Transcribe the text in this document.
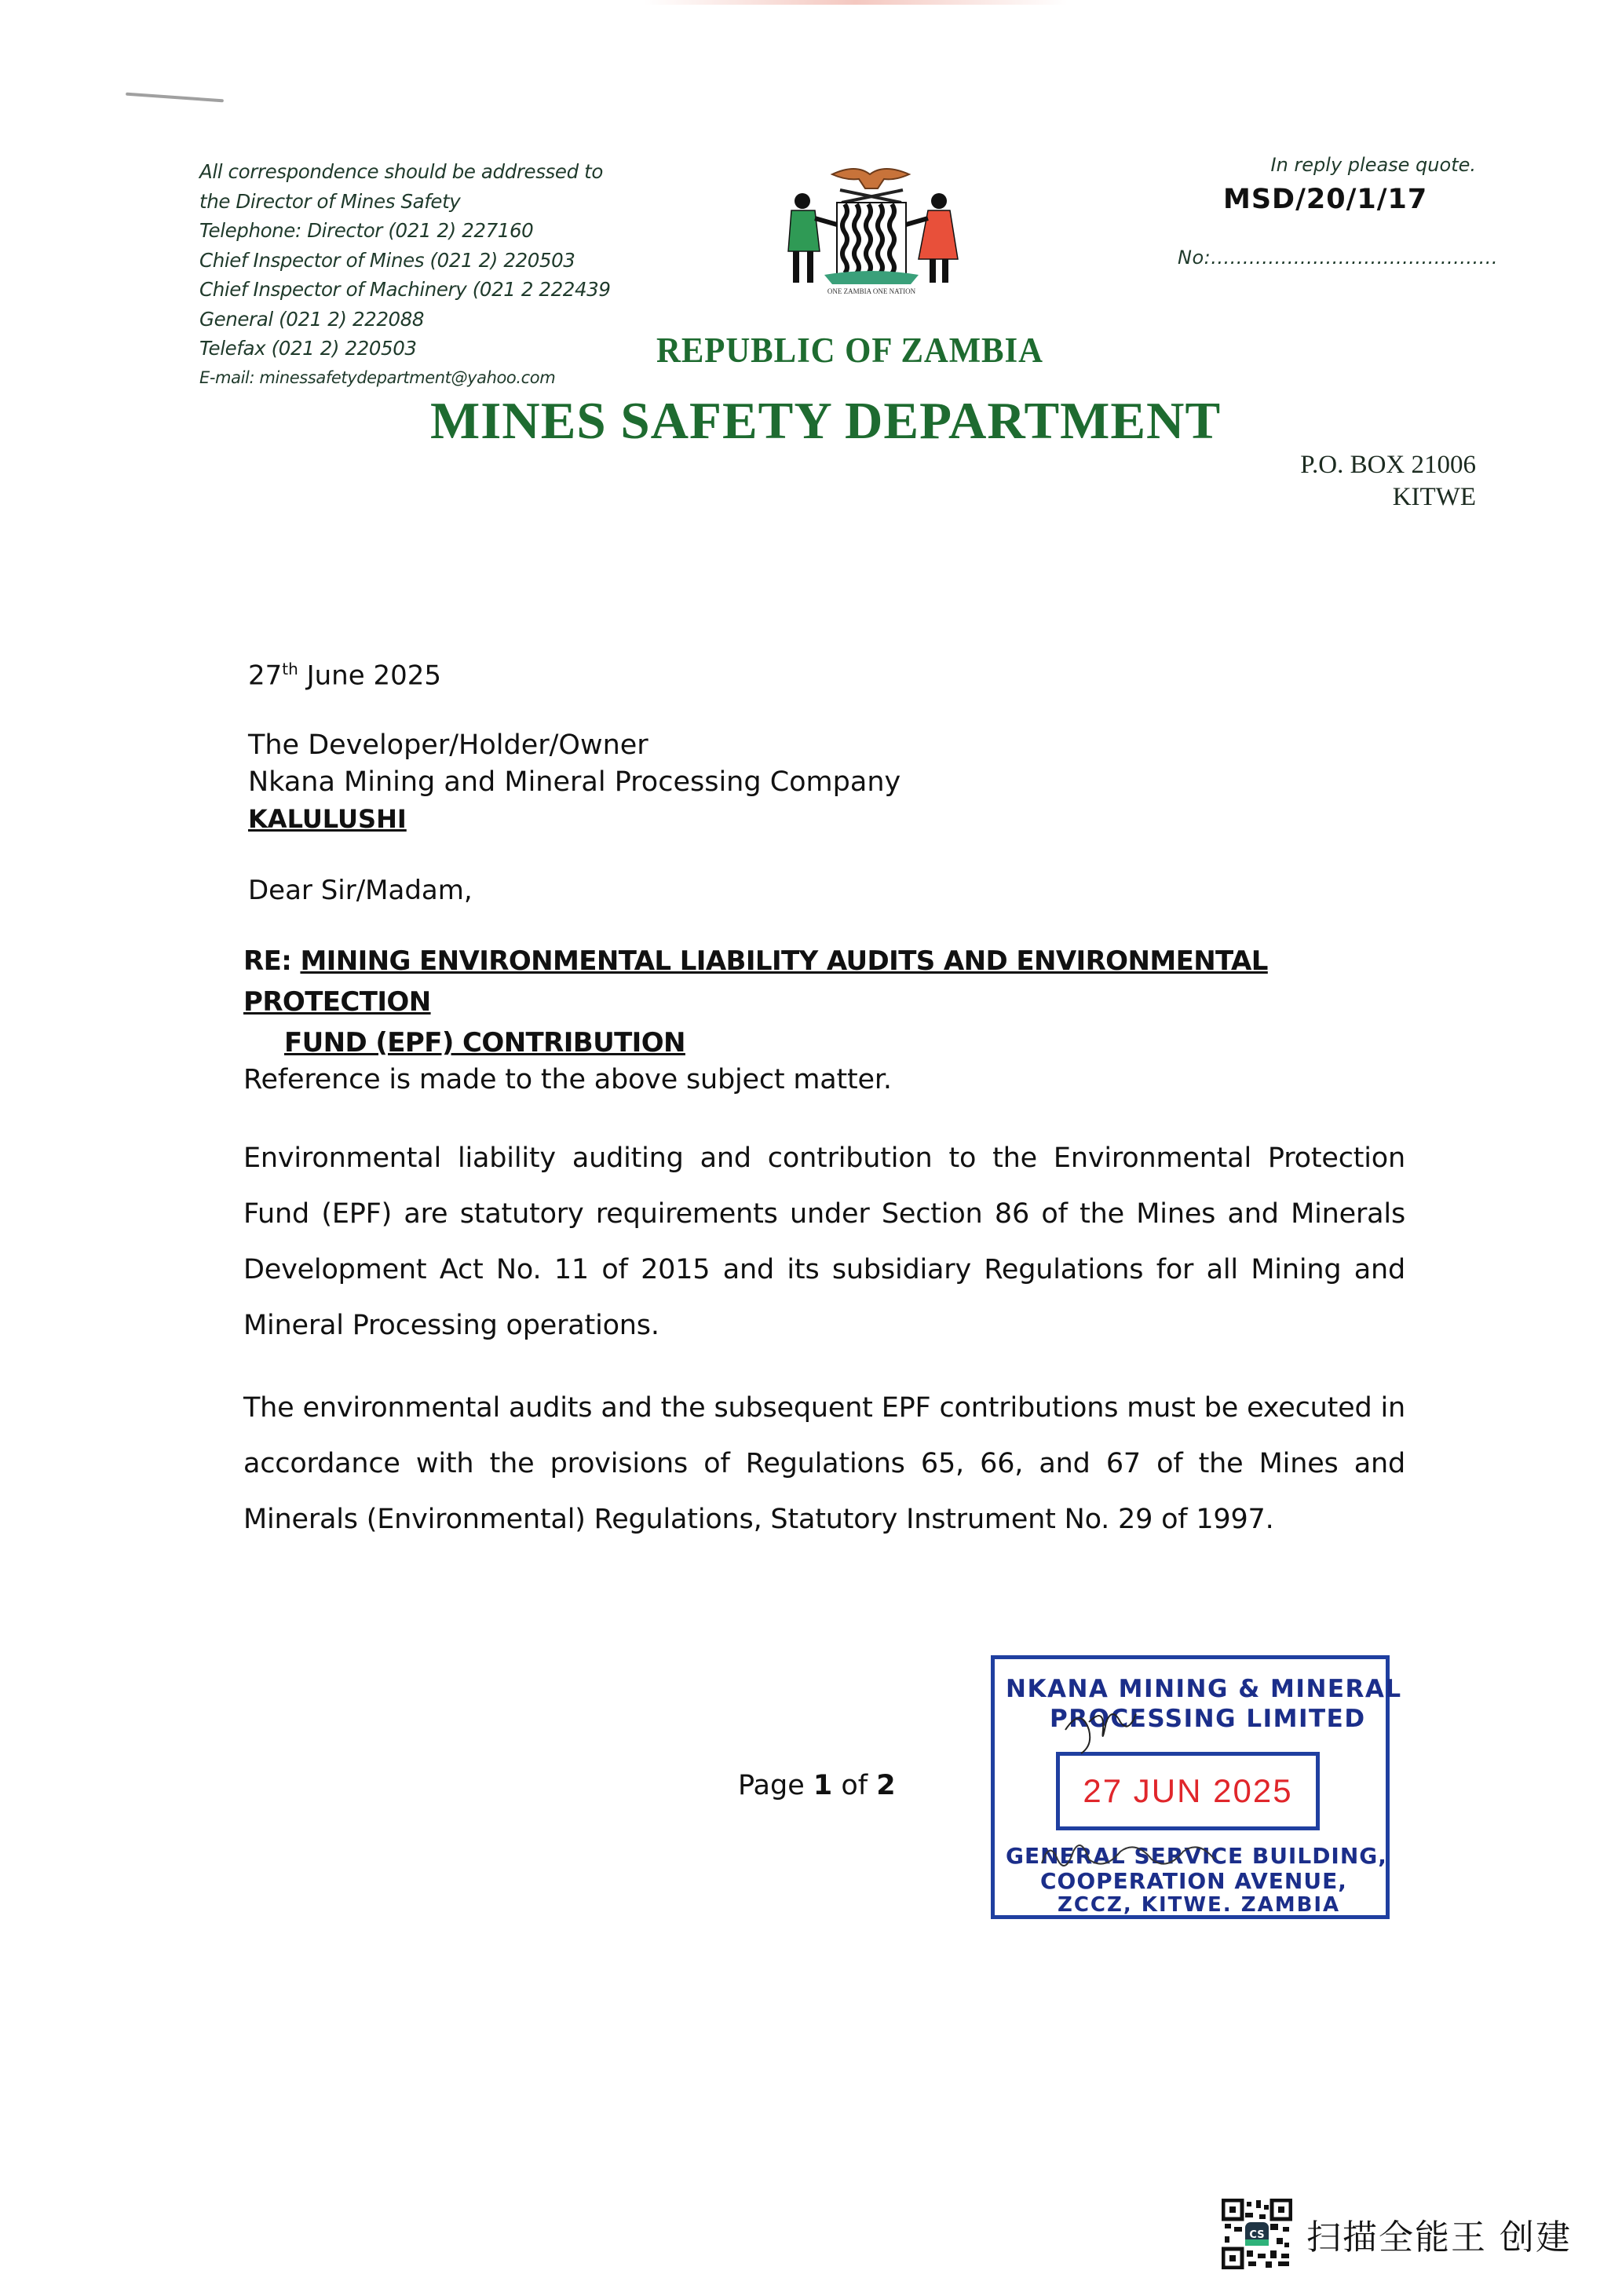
All correspondence should be addressed to
the Director of Mines Safety
Telephone: Director (021 2) 227160
Chief Inspector of Mines (021 2) 220503
Chief Inspector of Machinery (021 2 222439
General (021 2) 222088
Telefax (021 2) 220503
E-mail: minessafetydepartment@yahoo.com
ONE ZAMBIA ONE NATION
In reply please quote.
MSD/20/1/17
No:.............................................
REPUBLIC OF ZAMBIA
MINES SAFETY DEPARTMENT
P.O. BOX 21006
KITWE
27th June 2025
The Developer/Holder/Owner
Nkana Mining and Mineral Processing Company
KALULUSHI
Dear Sir/Madam,
RE: MINING ENVIRONMENTAL LIABILITY AUDITS AND ENVIRONMENTAL PROTECTION
FUND (EPF) CONTRIBUTION
Reference is made to the above subject matter.
Environmental liability auditing and contribution to the Environmental Protection Fund (EPF) are statutory requirements under Section 86 of the Mines and Minerals Development Act No. 11 of 2015 and its subsidiary Regulations for all Mining and Mineral Processing operations.
The environmental audits and the subsequent EPF contributions must be executed in accordance with the provisions of Regulations 65, 66, and 67 of the Mines and Minerals (Environmental) Regulations, Statutory Instrument No. 29 of 1997.
Page 1 of 2
NKANA MINING & MINERAL
PROCESSING LIMITED
27 JUN 2025
GENERAL SERVICE BUILDING,
COOPERATION AVENUE,
ZCCZ, KITWE. ZAMBIA
CS 扫描全能王 创建
